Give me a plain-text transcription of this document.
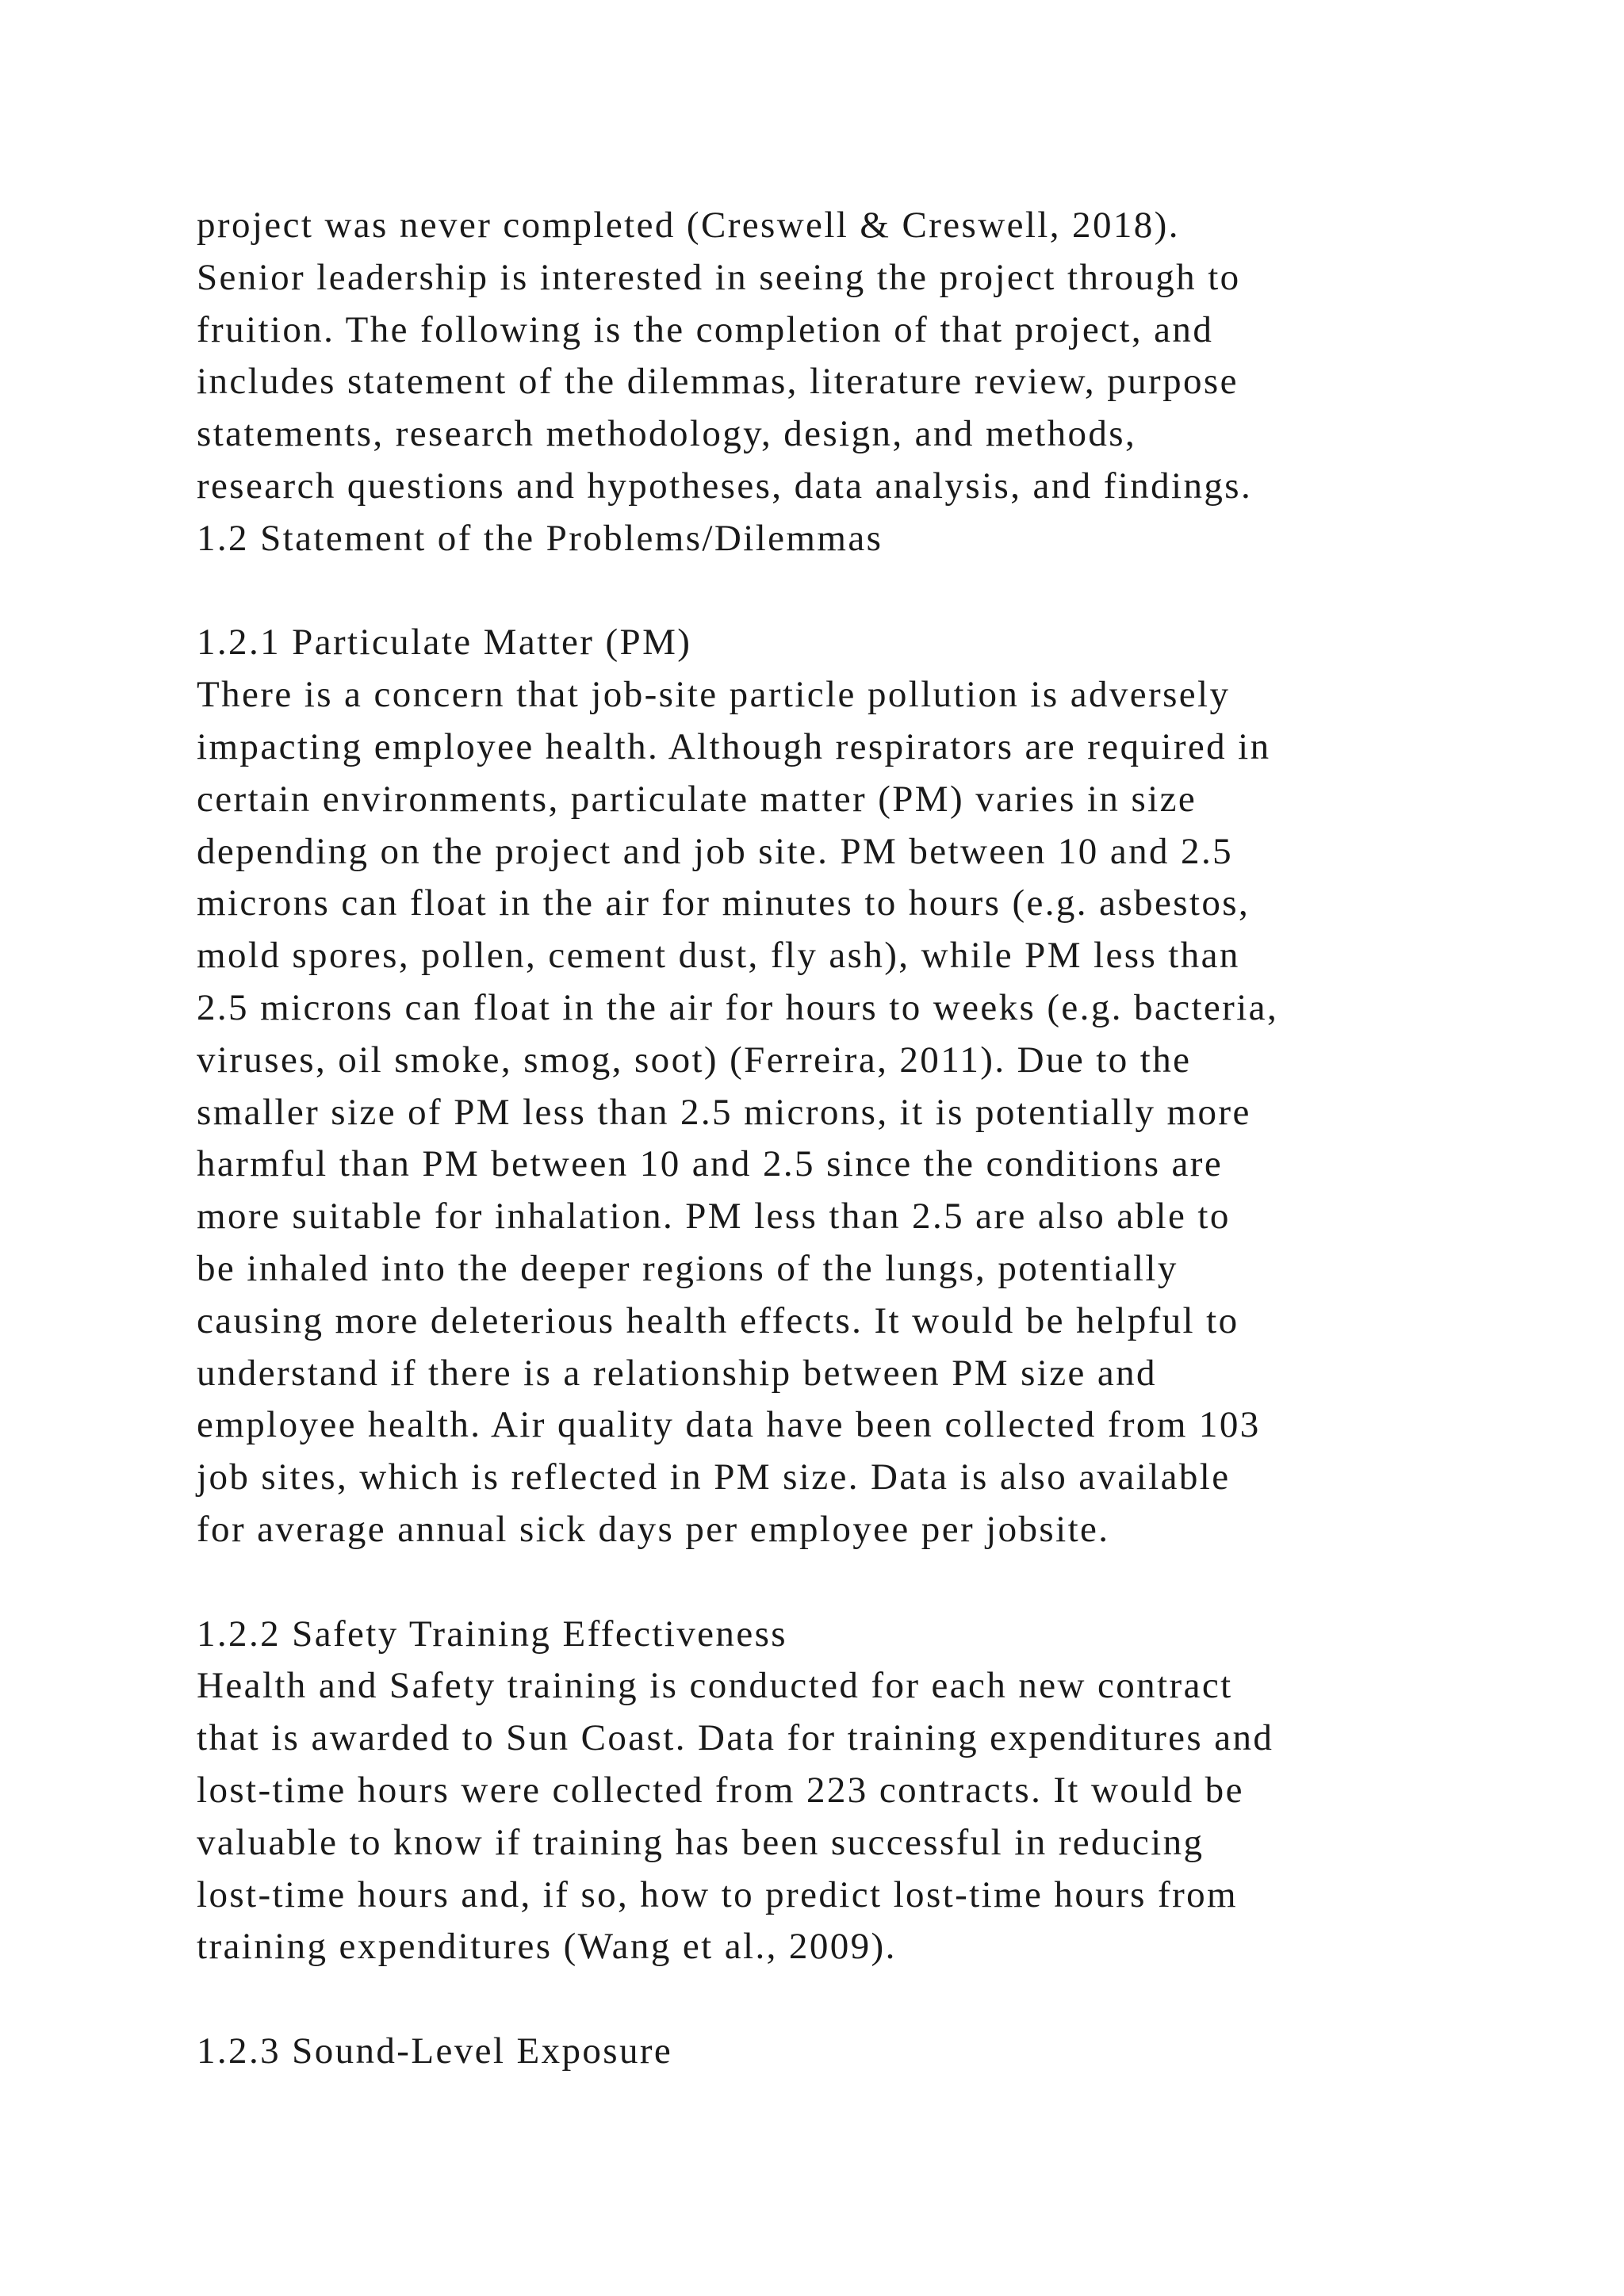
project was never completed (Creswell & Creswell, 2018).
Senior leadership is interested in seeing the project through to
fruition. The following is the completion of that project, and
includes statement of the dilemmas, literature review, purpose
statements, research methodology, design, and methods,
research questions and hypotheses, data analysis, and findings.
1.2 Statement of the Problems/Dilemmas
1.2.1 Particulate Matter (PM)
There is a concern that job-site particle pollution is adversely
impacting employee health. Although respirators are required in
certain environments, particulate matter (PM) varies in size
depending on the project and job site. PM between 10 and 2.5
microns can float in the air for minutes to hours (e.g. asbestos,
mold spores, pollen, cement dust, fly ash), while PM less than
2.5 microns can float in the air for hours to weeks (e.g. bacteria,
viruses, oil smoke, smog, soot) (Ferreira, 2011). Due to the
smaller size of PM less than 2.5 microns, it is potentially more
harmful than PM between 10 and 2.5 since the conditions are
more suitable for inhalation. PM less than 2.5 are also able to
be inhaled into the deeper regions of the lungs, potentially
causing more deleterious health effects. It would be helpful to
understand if there is a relationship between PM size and
employee health. Air quality data have been collected from 103
job sites, which is reflected in PM size. Data is also available
for average annual sick days per employee per jobsite.
1.2.2 Safety Training Effectiveness
Health and Safety training is conducted for each new contract
that is awarded to Sun Coast. Data for training expenditures and
lost-time hours were collected from 223 contracts. It would be
valuable to know if training has been successful in reducing
lost-time hours and, if so, how to predict lost-time hours from
training expenditures (Wang et al., 2009).
1.2.3 Sound-Level Exposure
